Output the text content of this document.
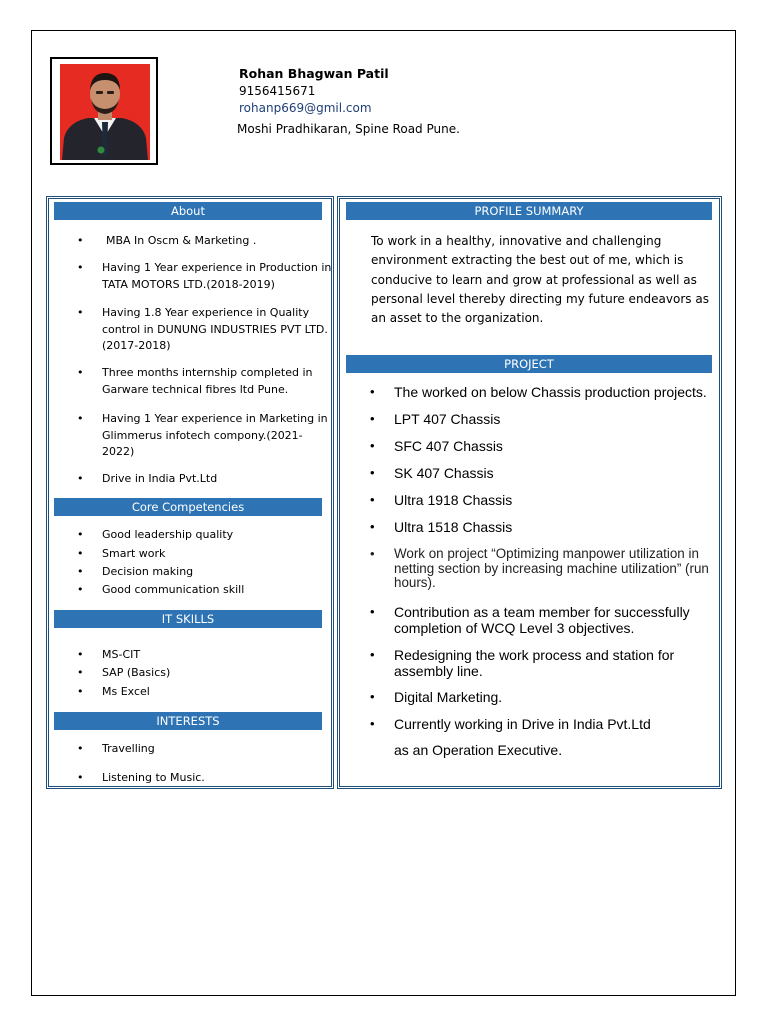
Rohan Bhagwan Patil
9156415671
rohanp669@gmil.com
Moshi Pradhikaran, Spine Road Pune.
About
• MBA In Oscm & Marketing .
• Having 1 Year experience in Production in TATA MOTORS LTD.(2018-2019)
• Having 1.8 Year experience in Quality control in DUNUNG INDUSTRIES PVT LTD.(2017-2018)
• Three months internship completed in Garware technical fibres ltd Pune.
• Having 1 Year experience in Marketing in Glimmerus infotech compony.(2021-2022)
• Drive in India Pvt.Ltd
Core Competencies
• Good leadership quality
• Smart work
• Decision making
• Good communication skill
IT SKILLS
• MS-CIT
• SAP (Basics)
• Ms Excel
INTERESTS
• Travelling
• Listening to Music.
PROFILE SUMMARY
To work in a healthy, innovative and challenging environment extracting the best out of me, which is conducive to learn and grow at professional as well as personal level thereby directing my future endeavors as an asset to the organization.
PROJECT
• The worked on below Chassis production projects.
• LPT 407 Chassis
• SFC 407 Chassis
• SK 407 Chassis
• Ultra 1918 Chassis
• Ultra 1518 Chassis
• Work on project “Optimizing manpower utilization in netting section by increasing machine utilization” (run hours).
• Contribution as a team member for successfully completion of WCQ Level 3 objectives.
• Redesigning the work process and station for assembly line.
• Digital Marketing.
• Currently working in Drive in India Pvt.Ltd
as an Operation Executive.
